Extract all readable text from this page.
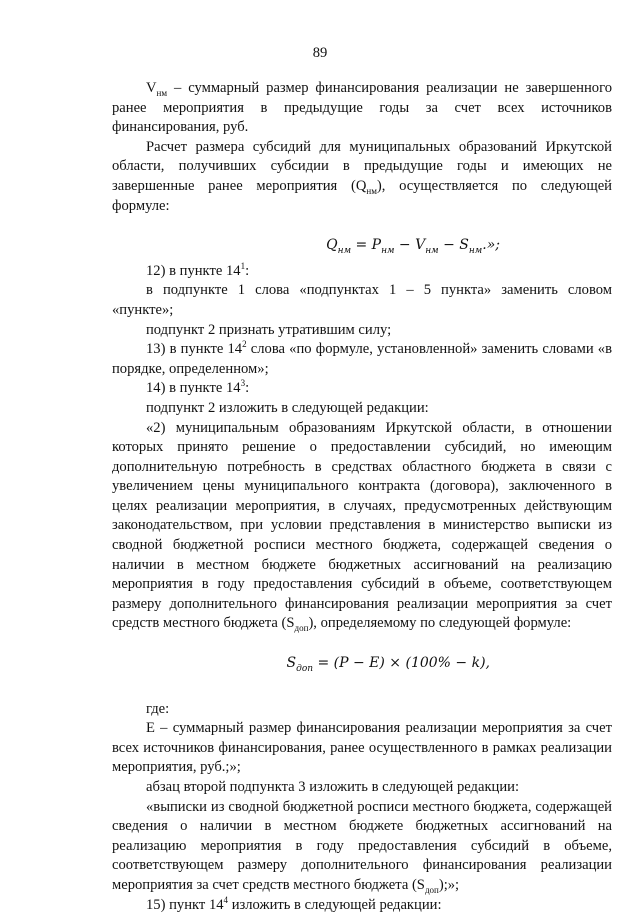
89

$V_{нм}$ – суммарный размер финансирования реализации не завершенного ранее мероприятия в предыдущие годы за счет всех источников финансирования, руб.

Расчет размера субсидий для муниципальных образований Иркутской области, получивших субсидии в предыдущие годы и имеющих не завершенные ранее мероприятия $(Q_{нм})$, осуществляется по следующей формуле:

$Q_{нм} = P_{нм} - V_{нм} - S_{нм}$.»;

12) в пункте $14^1$:

в подпункте 1 слова «подпунктах 1 – 5 пункта» заменить словом «пункте»;

подпункт 2 признать утратившим силу;

13) в пункте $14^2$ слова «по формуле, установленной» заменить словами «в порядке, определенном»;

14) в пункте $14^3$:

подпункт 2 изложить в следующей редакции:

«2) муниципальным образованиям Иркутской области, в отношении которых принято решение о предоставлении субсидий, но имеющим дополнительную потребность в средствах областного бюджета в связи с увеличением цены муниципального контракта (договора), заключенного в целях реализации мероприятия, в случаях, предусмотренных действующим законодательством, при условии представления в министерство выписки из сводной бюджетной росписи местного бюджета, содержащей сведения о наличии в местном бюджете бюджетных ассигнований на реализацию мероприятия в году предоставления субсидий в объеме, соответствующем размеру дополнительного финансирования реализации мероприятия за счет средств местного бюджета $(S_{доп})$, определяемому по следующей формуле:

$S_{доп} = (P - E) \times (100\% - k)$,

где:

Е – суммарный размер финансирования реализации мероприятия за счет всех источников финансирования, ранее осуществленного в рамках реализации мероприятия, руб.;»;

абзац второй подпункта 3 изложить в следующей редакции:

«выписки из сводной бюджетной росписи местного бюджета, содержащей сведения о наличии в местном бюджете бюджетных ассигнований на реализацию мероприятия в году предоставления субсидий в объеме, соответствующем размеру дополнительного финансирования реализации мероприятия за счет средств местного бюджета $(S_{доп})$;»;

15) пункт $14^4$ изложить в следующей редакции:
